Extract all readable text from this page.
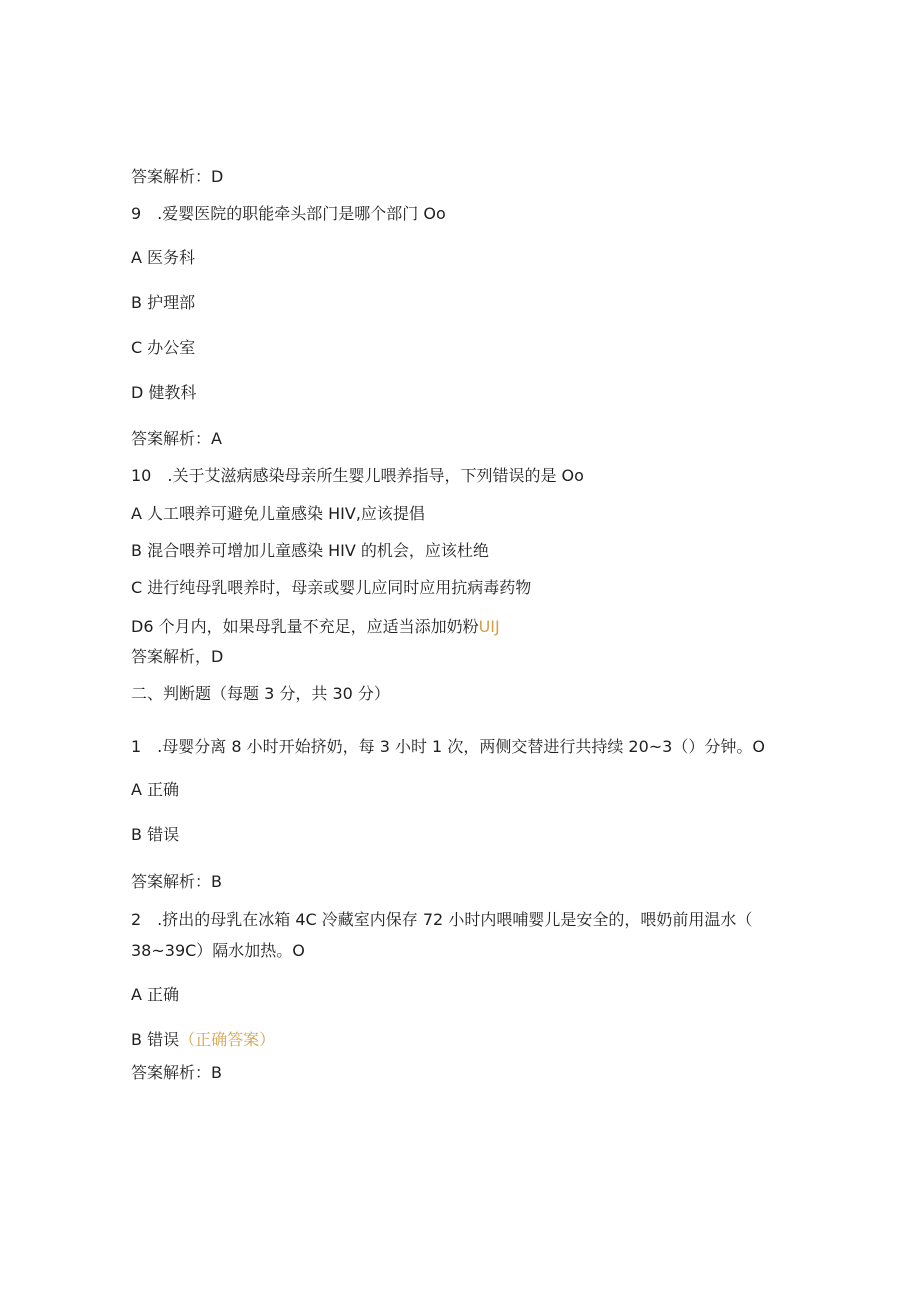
答案解析：D
9　.爱婴医院的职能牵头部门是哪个部门 Oo
A 医务科
B 护理部
C 办公室
D 健教科
答案解析：A
10　.关于艾滋病感染母亲所生婴儿喂养指导，下列错误的是 Oo
A 人工喂养可避免儿童感染 HIV,应该提倡
B 混合喂养可增加儿童感染 HIV 的机会，应该杜绝
C 进行纯母乳喂养时，母亲或婴儿应同时应用抗病毒药物
D6 个月内，如果母乳量不充足，应适当添加奶粉UIJ
答案解析，D
二、判断题（每题 3 分，共 30 分）
1　.母婴分离 8 小时开始挤奶，每 3 小时 1 次，两侧交替进行共持续 20~3（）分钟。O
A 正确
B 错误
答案解析：B
2　.挤出的母乳在冰箱 4C 冷藏室内保存 72 小时内喂哺婴儿是安全的，喂奶前用温水（
38~39C）隔水加热。O
A 正确
B 错误（正确答案）
答案解析：B
